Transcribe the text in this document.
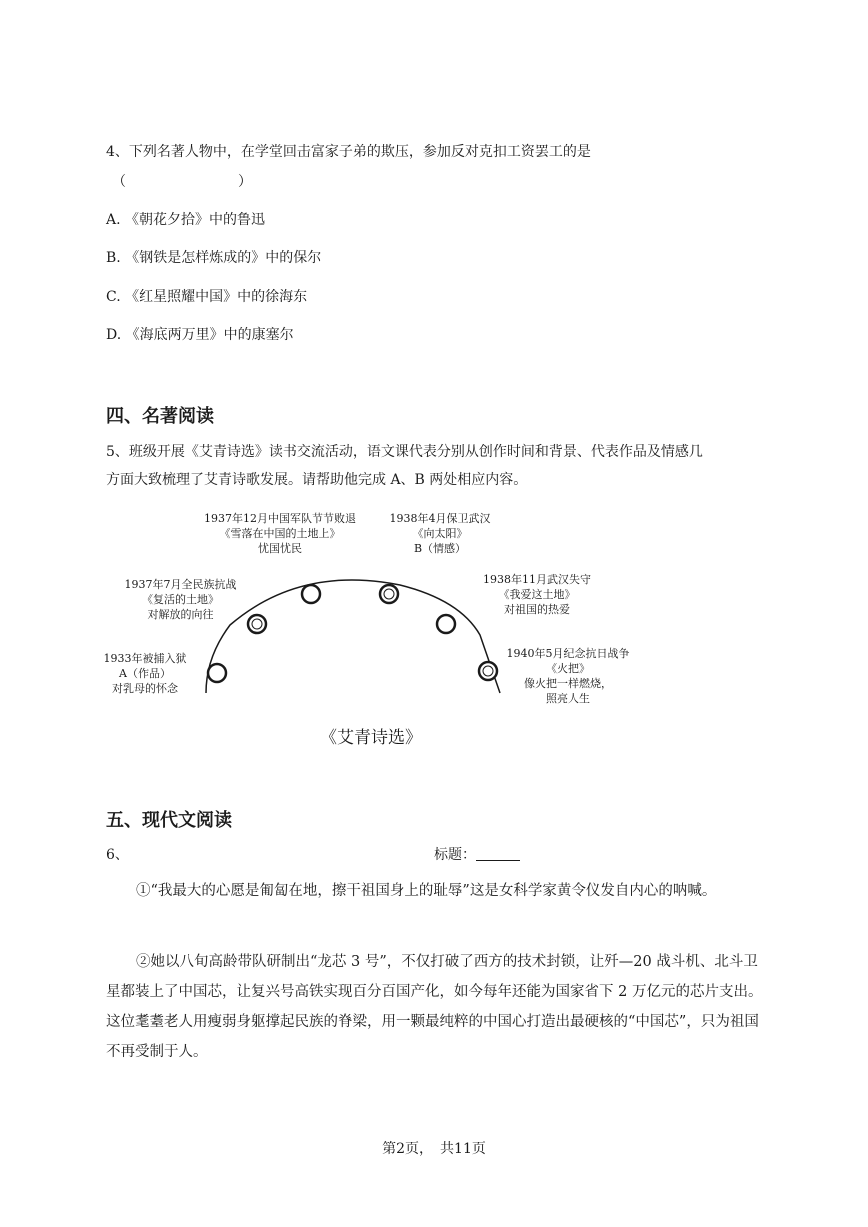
4、下列名著人物中，在学堂回击富家子弟的欺压，参加反对克扣工资罢工的是
（　　　　　　　　）
A. 《朝花夕拾》中的鲁迅
B. 《钢铁是怎样炼成的》中的保尔
C. 《红星照耀中国》中的徐海东
D. 《海底两万里》中的康塞尔
四、名著阅读
5、班级开展《艾青诗选》读书交流活动，语文课代表分别从创作时间和背景、代表作品及情感几
方面大致梳理了艾青诗歌发展。请帮助他完成 A、B 两处相应内容。
1933年被捕入狱
A（作品）
对乳母的怀念
1937年7月全民族抗战
《复活的土地》
对解放的向往
1937年12月中国军队节节败退
《雪落在中国的土地上》
忧国忧民
1938年4月保卫武汉
《向太阳》
B（情感）
1938年11月武汉失守
《我爱这土地》
对祖国的热爱
1940年5月纪念抗日战争
《火把》
像火把一样燃烧，
照亮人生
《艾青诗选》
五、现代文阅读
6、	标题：
①“我最大的心愿是匍匐在地，擦干祖国身上的耻辱”这是女科学家黄令仪发自内心的呐喊。
②她以八旬高龄带队研制出“龙芯 3 号”，不仅打破了西方的技术封锁，让歼—20 战斗机、北斗卫星都装上了中国芯，让复兴号高铁实现百分百国产化，如今每年还能为国家省下 2 万亿元的芯片支出。这位耄耋老人用瘦弱身躯撑起民族的脊梁，用一颗最纯粹的中国心打造出最硬核的“中国芯”，只为祖国不再受制于人。
第2页，　共11页
